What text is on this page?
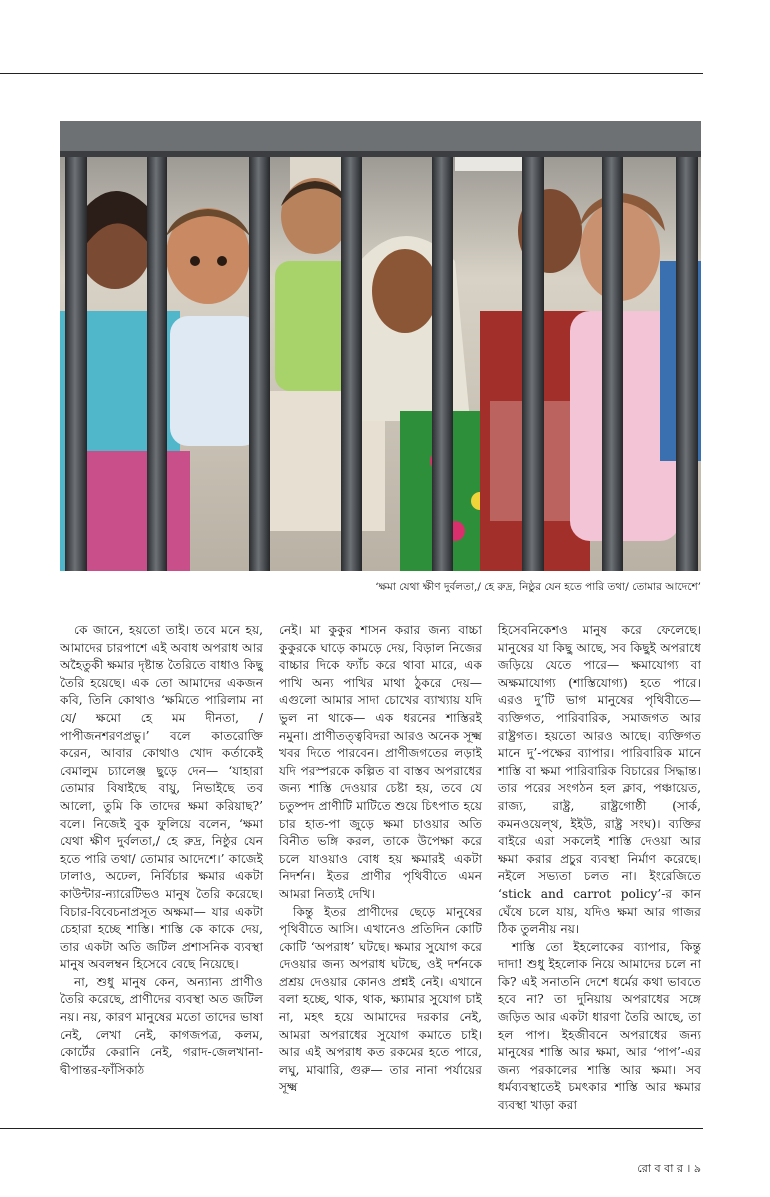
‘ক্ষমা যেথা ক্ষীণ দুর্বলতা,/ হে রুদ্র, নিষ্ঠুর যেন হতে পারি তথা/ তোমার আদেশে’

কে জানে, হয়তো তাই। তবে মনে হয়, আমাদের চারপাশে এই অবাধ অপরাধ আর অহৈতুকী ক্ষমার দৃষ্টান্ত তৈরিতে বাধাও কিছু তৈরি হয়েছে। এক তো আমাদের একজন কবি, তিনি কোথাও ‘ক্ষমিতে পারিলাম না যে/ ক্ষমো হে মম দীনতা, /পাপীজনশরণপ্রভু।’ বলে কাতরোক্তি করেন, আবার কোথাও খোদ কর্তাকেই বেমালুম চ্যালেঞ্জ ছুড়ে দেন— ‘যাহারা তোমার বিষাইছে বায়ু, নিভাইছে তব আলো, তুমি কি তাদের ক্ষমা করিয়াছ?’ বলে। নিজেই বুক ফুলিয়ে বলেন, ‘ক্ষমা যেথা ক্ষীণ দুর্বলতা,/ হে রুদ্র, নিষ্ঠুর যেন হতে পারি তথা/ তোমার আদেশে।’ কাজেই ঢালাও, অঢেল, নির্বিচার ক্ষমার একটা কাউন্টার-ন্যারেটিভও মানুষ তৈরি করেছে। বিচার-বিবেচনাপ্রসূত অক্ষমা— যার একটা চেহারা হচ্ছে শাস্তি। শাস্তি কে কাকে দেয়, তার একটা অতি জটিল প্রশাসনিক ব্যবস্থা মানুষ অবলম্বন হিসেবে বেছে নিয়েছে।

না, শুধু মানুষ কেন, অন্যান্য প্রাণীও তৈরি করেছে, প্রাণীদের ব্যবস্থা অত জটিল নয়। নয়, কারণ মানুষের মতো তাদের ভাষা নেই, লেখা নেই, কাগজপত্র, কলম, কোর্টের কেরানি নেই, গরাদ-জেলখানা-দ্বীপান্তর-ফাঁসিকাঠ

নেই। মা কুকুর শাসন করার জন্য বাচ্চা কুকুরকে ঘাড়ে কামড়ে দেয়, বিড়াল নিজের বাচ্চার দিকে ফ্যাঁচ করে থাবা মারে, এক পাখি অন্য পাখির মাথা ঠুকরে দেয়— এগুলো আমার সাদা চোখের ব্যাখ্যায় যদি ভুল না থাকে— এক ধরনের শাস্তিরই নমুনা। প্রাণীতত্ত্ববিদরা আরও অনেক সূক্ষ্ম খবর দিতে পারবেন। প্রাণীজগতের লড়াই যদি পরস্পরকে কল্পিত বা বাস্তব অপরাধের জন্য শাস্তি দেওয়ার চেষ্টা হয়, তবে যে চতুষ্পদ প্রাণীটি মাটিতে শুয়ে চিৎপাত হয়ে চার হাত-পা জুড়ে ক্ষমা চাওয়ার অতি বিনীত ভঙ্গি করল, তাকে উপেক্ষা করে চলে যাওয়াও বোধ হয় ক্ষমারই একটা নিদর্শন। ইতর প্রাণীর পৃথিবীতে এমন আমরা নিত্যই দেখি।

কিন্তু ইতর প্রাণীদের ছেড়ে মানুষের পৃথিবীতে আসি। এখানেও প্রতিদিন কোটি কোটি ‘অপরাধ’ ঘটছে। ক্ষমার সুযোগ করে দেওয়ার জন্য অপরাধ ঘটছে, ওই দর্শনকে প্রশ্রয় দেওয়ার কোনও প্রশ্নই নেই। এখানে বলা হচ্ছে, থাক, থাক, ক্ষ্যামার সুযোগ চাই না, মহৎ হয়ে আমাদের দরকার নেই, আমরা অপরাধের সুযোগ কমাতে চাই। আর এই অপরাধ কত রকমের হতে পারে, লঘু, মাঝারি, গুরু— তার নানা পর্যায়ের সূক্ষ্ম

হিসেবনিকেশও মানুষ করে ফেলেছে। মানুষের যা কিছু আছে, সব কিছুই অপরাধে জড়িয়ে যেতে পারে— ক্ষমাযোগ্য বা অক্ষমাযোগ্য (শাস্তিযোগ্য) হতে পারে। এরও দু’টি ভাগ মানুষের পৃথিবীতে— ব্যক্তিগত, পারিবারিক, সমাজগত আর রাষ্ট্রগত। হয়তো আরও আছে। ব্যক্তিগত মানে দু’-পক্ষের ব্যাপার। পারিবারিক মানে শাস্তি বা ক্ষমা পারিবারিক বিচারের সিদ্ধান্ত। তার পরের সংগঠন হল ক্লাব, পঞ্চায়েত, রাজ্য, রাষ্ট্র, রাষ্ট্রগোষ্ঠী (সার্ক, কমনওয়েল্‌থ, ইইউ, রাষ্ট্র সংঘ)। ব্যক্তির বাইরে এরা সকলেই শাস্তি দেওয়া আর ক্ষমা করার প্রচুর ব্যবস্থা নির্মাণ করেছে। নইলে সভ্যতা চলত না। ইংরেজিতে ‘stick and carrot policy’-র কান ঘেঁষে চলে যায়, যদিও ক্ষমা আর গাজর ঠিক তুলনীয় নয়।

শাস্তি তো ইহলোকের ব্যাপার, কিন্তু দাদা! শুধু ইহলোক নিয়ে আমাদের চলে না কি? এই সনাতনি দেশে ধর্মের কথা ভাবতে হবে না? তা দুনিয়ায় অপরাধের সঙ্গে জড়িত আর একটা ধারণা তৈরি আছে, তা হল পাপ। ইহজীবনে অপরাধের জন্য মানুষের শাস্তি আর ক্ষমা, আর ‘পাপ’-এর জন্য পরকালের শাস্তি আর ক্ষমা। সব ধর্মব্যবস্থাতেই চমৎকার শাস্তি আর ক্ষমার ব্যবস্থা খাড়া করা

রো ব বা র । ৯
